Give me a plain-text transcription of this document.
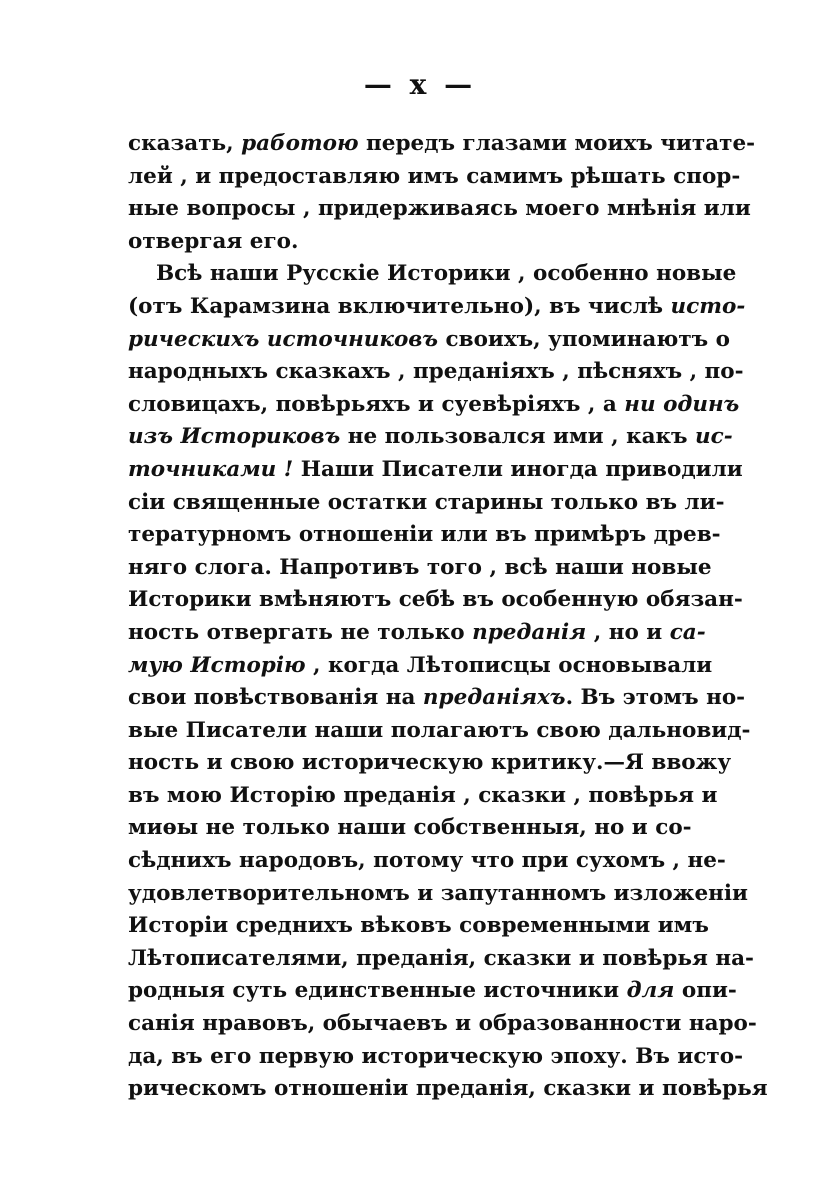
— x —
сказать, работою передъ глазами моихъ читате-
лей , и предоставляю имъ самимъ рѣшать спор-
ные вопросы , придерживаясь моего мнѣнія или
отвергая его.
Всѣ наши Русскіе Историки , особенно новые
(отъ Карамзина включительно), въ числѣ исто-
рическихъ источниковъ своихъ, упоминаютъ о
народныхъ сказкахъ , преданіяхъ , пѣсняхъ , по-
словицахъ, повѣрьяхъ и суевѣріяхъ , а ни одинъ
изъ Историковъ не пользовался ими , какъ ис-
точниками ! Наши Писатели иногда приводили
сіи священные остатки старины только въ ли-
тературномъ отношеніи или въ примѣръ древ-
няго слога. Напротивъ того , всѣ наши новые
Историки вмѣняютъ себѣ въ особенную обязан-
ность отвергать не только преданія , но и са-
мую Исторію , когда Лѣтописцы основывали
свои повѣствованія на преданіяхъ. Въ этомъ но-
вые Писатели наши полагаютъ свою дальновид-
ность и свою историческую критику.—Я ввожу
въ мою Исторію преданія , сказки , повѣрья и
миѳы не только наши собственныя, но и со-
сѣднихъ народовъ, потому что при сухомъ , не-
удовлетворительномъ и запутанномъ изложеніи
Исторіи среднихъ вѣковъ современными имъ
Лѣтописателями, преданія, сказки и повѣрья на-
родныя суть единственные источники для опи-
санія нравовъ, обычаевъ и образованности наро-
да, въ его первую историческую эпоху. Въ исто-
рическомъ отношеніи преданія, сказки и повѣрья
